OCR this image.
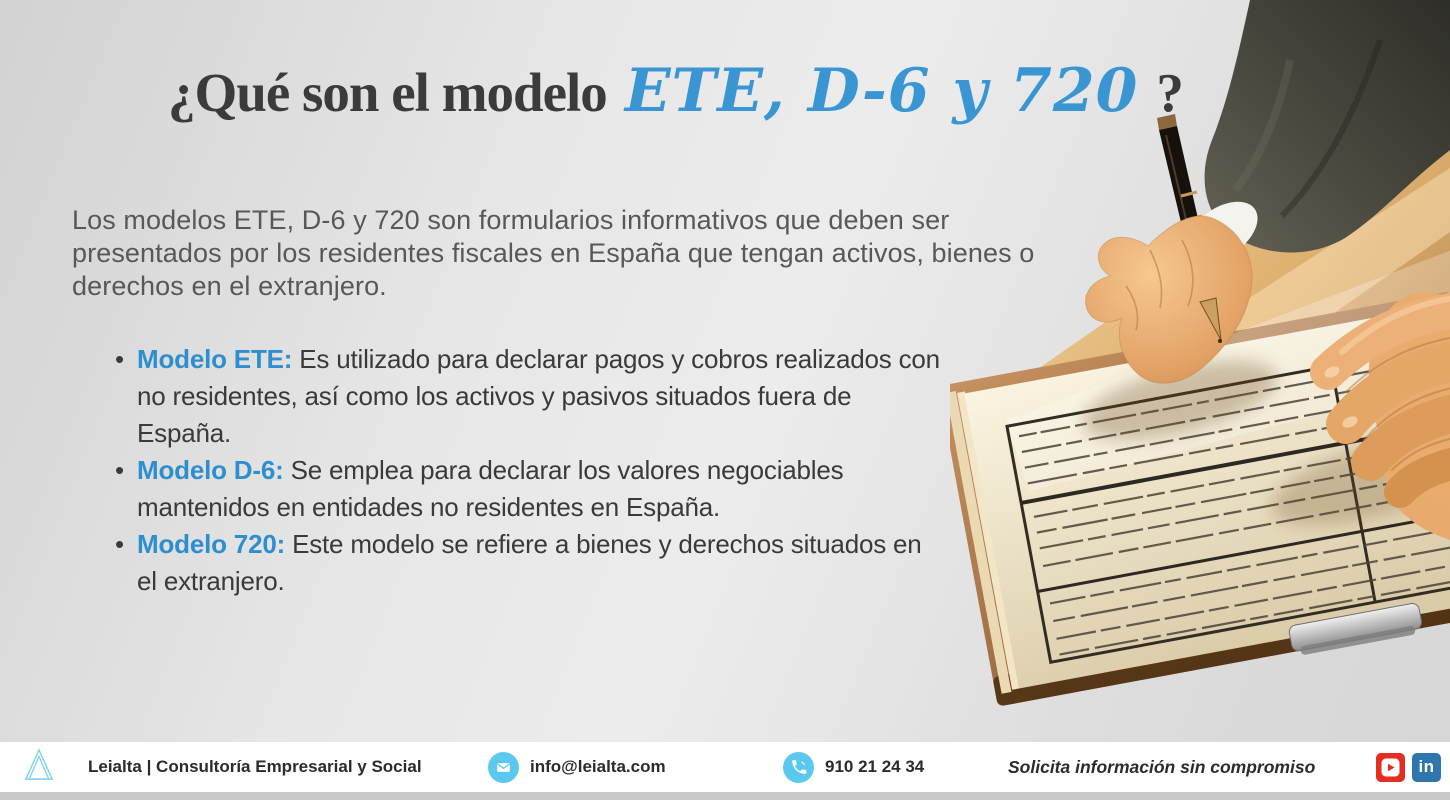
¿Qué son el modelo ETE, D-6 y 720 ?

Los modelos ETE, D-6 y 720 son formularios informativos que deben ser presentados por los residentes fiscales en España que tengan activos, bienes o derechos en el extranjero.

• Modelo ETE: Es utilizado para declarar pagos y cobros realizados con no residentes, así como los activos y pasivos situados fuera de España.
• Modelo D-6: Se emplea para declarar los valores negociables mantenidos en entidades no residentes en España.
• Modelo 720: Este modelo se refiere a bienes y derechos situados en el extranjero.
Leialta | Consultoría Empresarial y Social	info@leialta.com	910 21 24 34	Solicita información sin compromiso	in
